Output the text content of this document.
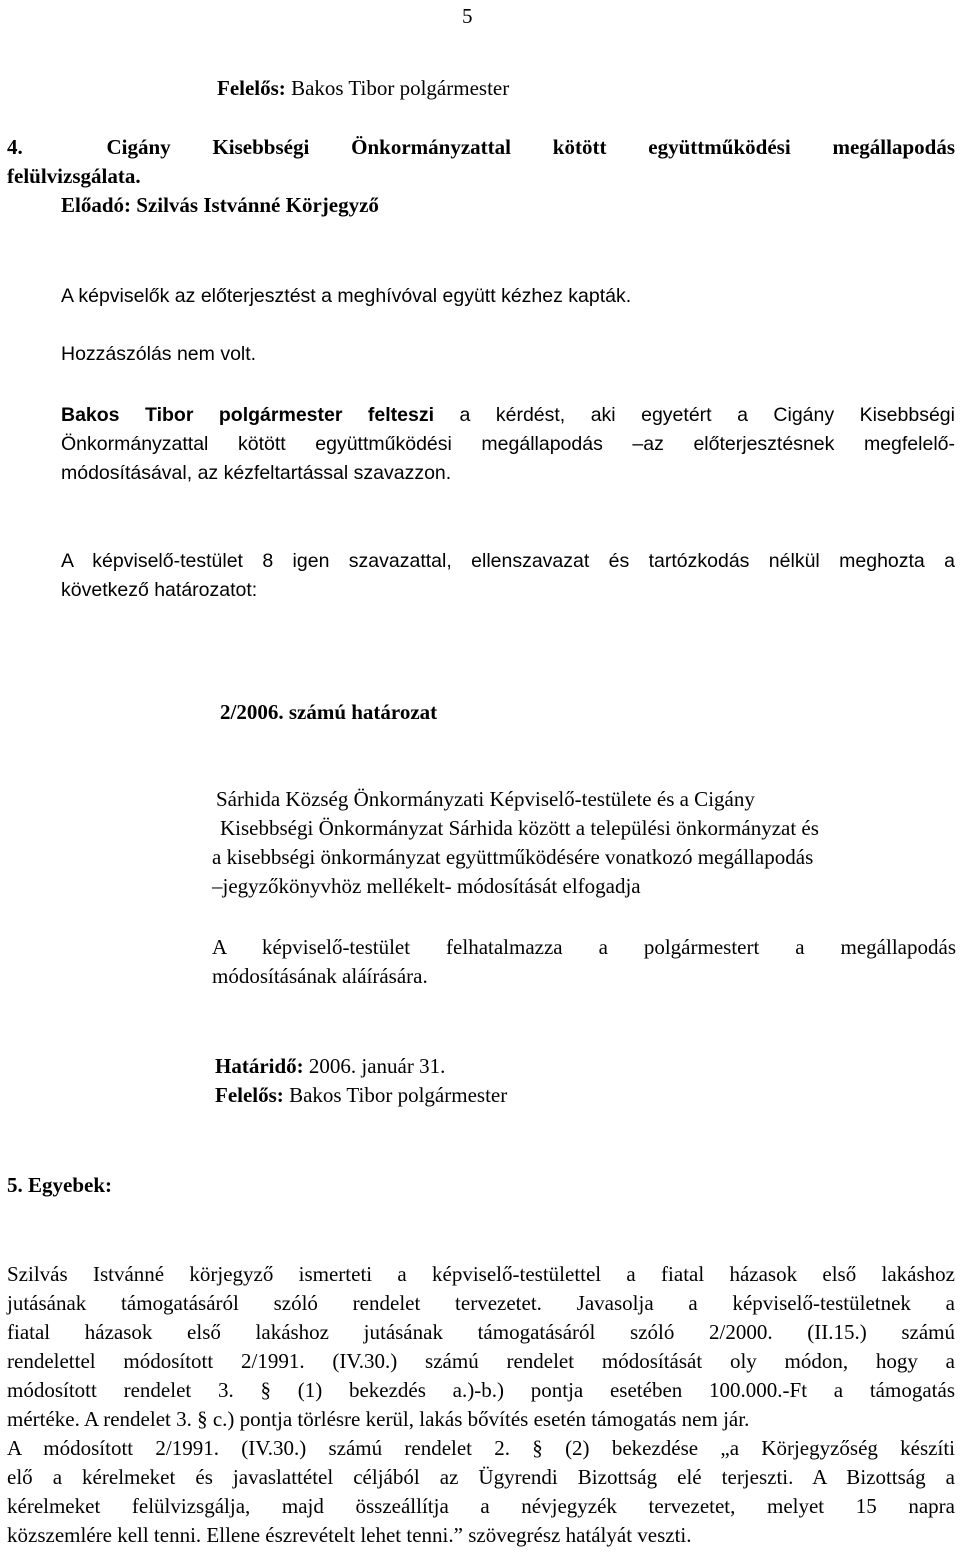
5
Felelős: Bakos Tibor polgármester
4.	Cigány Kisebbségi Önkormányzattal kötött együttműködési megállapodás
felülvizsgálata.
Előadó: Szilvás Istvánné Körjegyző
A képviselők az előterjesztést a meghívóval együtt kézhez kapták.
Hozzászólás nem volt.
Bakos Tibor polgármester felteszi a kérdést, aki egyetért a Cigány Kisebbségi
Önkormányzattal kötött együttműködési megállapodás –az előterjesztésnek megfelelő-
módosításával, az kézfeltartással szavazzon.
A képviselő-testület 8 igen szavazattal, ellenszavazat és tartózkodás nélkül meghozta a
következő határozatot:
2/2006. számú határozat
Sárhida Község Önkormányzati Képviselő-testülete és a Cigány
Kisebbségi Önkormányzat Sárhida között a települési önkormányzat és
a kisebbségi önkormányzat együttműködésére vonatkozó megállapodás
–jegyzőkönyvhöz mellékelt- módosítását elfogadja
A képviselő-testület felhatalmazza a polgármestert a megállapodás
módosításának aláírására.
Határidő: 2006. január 31.
Felelős: Bakos Tibor polgármester
5. Egyebek:
Szilvás Istvánné körjegyző ismerteti a képviselő-testülettel a fiatal házasok első lakáshoz
jutásának támogatásáról szóló rendelet tervezetet. Javasolja a képviselő-testületnek a
fiatal házasok első lakáshoz jutásának támogatásáról szóló 2/2000. (II.15.) számú
rendelettel módosított 2/1991. (IV.30.) számú rendelet módosítását oly módon, hogy a
módosított rendelet 3. § (1) bekezdés a.)-b.) pontja esetében 100.000.-Ft a támogatás
mértéke. A rendelet 3. § c.) pontja törlésre kerül, lakás bővítés esetén támogatás nem jár.
A módosított 2/1991. (IV.30.) számú rendelet 2. § (2) bekezdése „a Körjegyzőség készíti
elő a kérelmeket és javaslattétel céljából az Ügyrendi Bizottság elé terjeszti. A Bizottság a
kérelmeket felülvizsgálja, majd összeállítja a névjegyzék tervezetet, melyet 15 napra
közszemlére kell tenni. Ellene észrevételt lehet tenni.” szövegrész hatályát veszti.
